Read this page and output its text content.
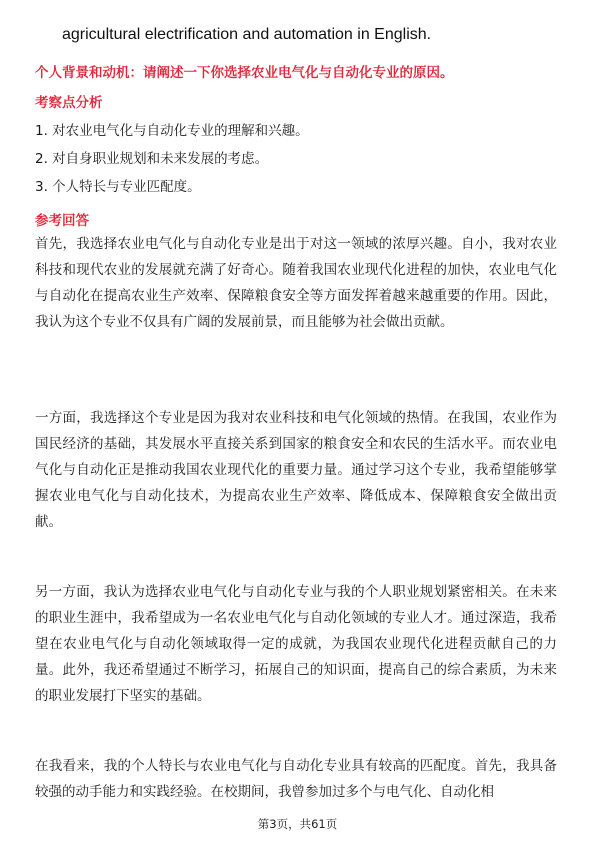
agricultural electrification and automation in English.
个人背景和动机：请阐述一下你选择农业电气化与自动化专业的原因。
考察点分析
1. 对农业电气化与自动化专业的理解和兴趣。
2. 对自身职业规划和未来发展的考虑。
3. 个人特长与专业匹配度。
参考回答
首先，我选择农业电气化与自动化专业是出于对这一领域的浓厚兴趣。自小，我对农业科技和现代农业的发展就充满了好奇心。随着我国农业现代化进程的加快，农业电气化与自动化在提高农业生产效率、保障粮食安全等方面发挥着越来越重要的作用。因此，我认为这个专业不仅具有广阔的发展前景，而且能够为社会做出贡献。
一方面，我选择这个专业是因为我对农业科技和电气化领域的热情。在我国，农业作为国民经济的基础，其发展水平直接关系到国家的粮食安全和农民的生活水平。而农业电气化与自动化正是推动我国农业现代化的重要力量。通过学习这个专业，我希望能够掌握农业电气化与自动化技术，为提高农业生产效率、降低成本、保障粮食安全做出贡献。
另一方面，我认为选择农业电气化与自动化专业与我的个人职业规划紧密相关。在未来的职业生涯中，我希望成为一名农业电气化与自动化领域的专业人才。通过深造，我希望在农业电气化与自动化领域取得一定的成就，为我国农业现代化进程贡献自己的力量。此外，我还希望通过不断学习，拓展自己的知识面，提高自己的综合素质，为未来的职业发展打下坚实的基础。
在我看来，我的个人特长与农业电气化与自动化专业具有较高的匹配度。首先，我具备较强的动手能力和实践经验。在校期间，我曾参加过多个与电气化、自动化相
第3页，共61页
